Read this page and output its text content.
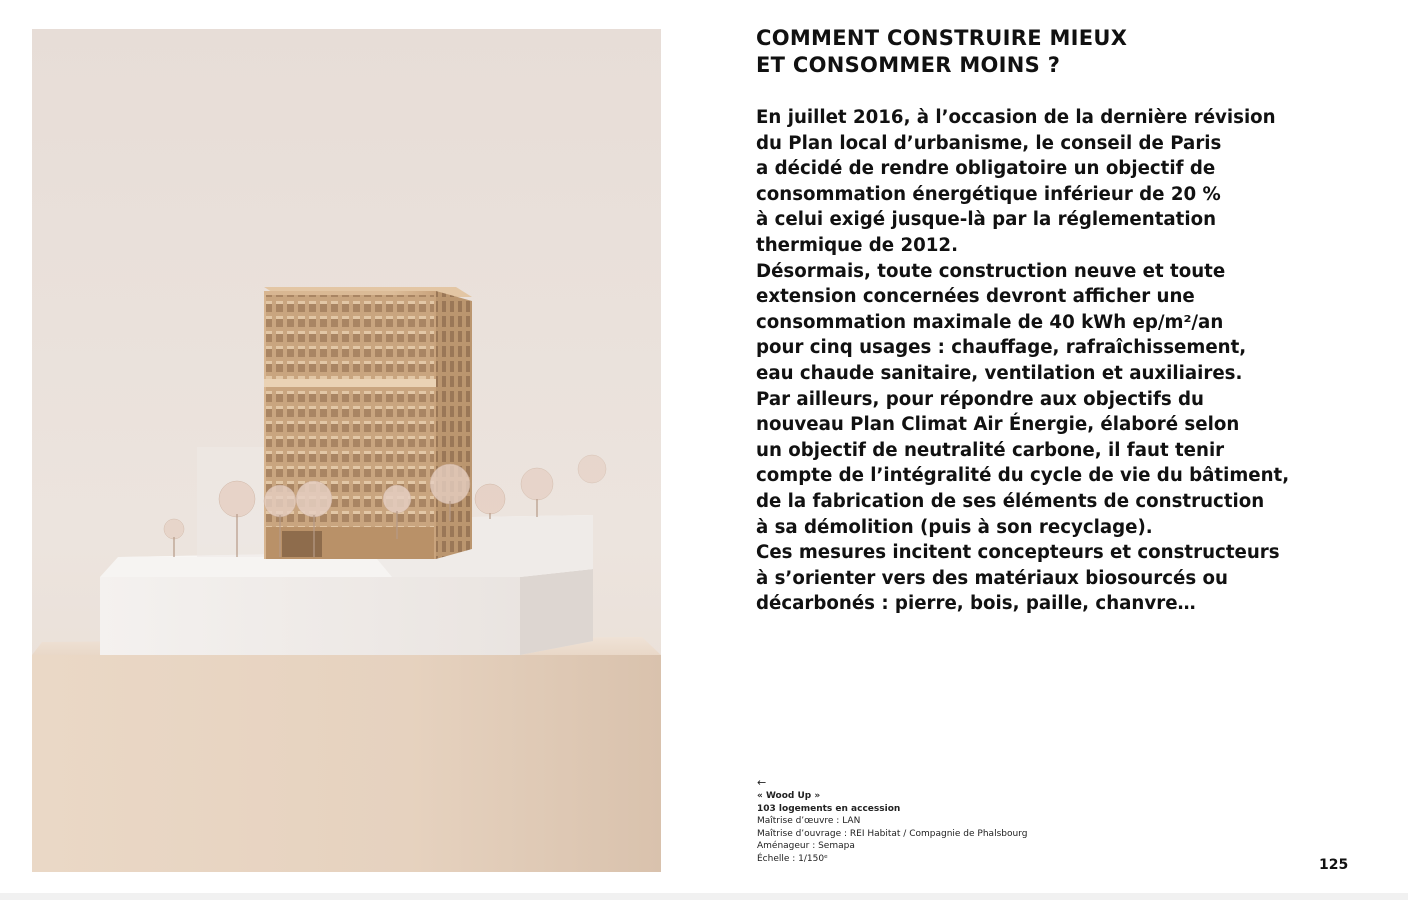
COMMENT CONSTRUIRE MIEUX
ET CONSOMMER MOINS ?
En juillet 2016, à l’occasion de la dernière révision
du Plan local d’urbanisme, le conseil de Paris
a décidé de rendre obligatoire un objectif de
consommation énergétique inférieur de 20 %
à celui exigé jusque-là par la réglementation
thermique de 2012.
Désormais, toute construction neuve et toute
extension concernées devront afficher une
consommation maximale de 40 kWh ep/m²/an
pour cinq usages : chauffage, rafraîchissement,
eau chaude sanitaire, ventilation et auxiliaires.
Par ailleurs, pour répondre aux objectifs du
nouveau Plan Climat Air Énergie, élaboré selon
un objectif de neutralité carbone, il faut tenir
compte de l’intégralité du cycle de vie du bâtiment,
de la fabrication de ses éléments de construction
à sa démolition (puis à son recyclage).
Ces mesures incitent concepteurs et constructeurs
à s’orienter vers des matériaux biosourcés ou
décarbonés : pierre, bois, paille, chanvre…
←
« Wood Up »
103 logements en accession
Maîtrise d’œuvre : LAN
Maîtrise d’ouvrage : REI Habitat / Compagnie de Phalsbourg
Aménageur : Semapa
Échelle : 1/150ᵉ	125
